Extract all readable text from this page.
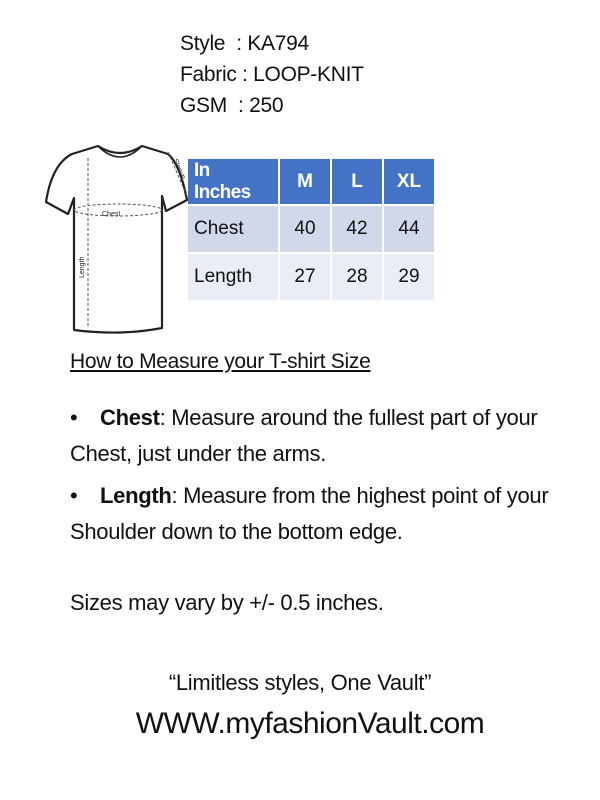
Style  : KA794
Fabric : LOOP-KNIT
GSM  : 250
Chest
Length
Sleeve In Inches	M	L	XL
Chest	40	42	44
Length	27	28	29
How to Measure your T-shirt Size
• Chest: Measure around the fullest part of your
Chest, just under the arms.
• Length: Measure from the highest point of your
Shoulder down to the bottom edge.
Sizes may vary by +/- 0.5 inches.
“Limitless styles, One Vault”
WWW.myfashionVault.com
